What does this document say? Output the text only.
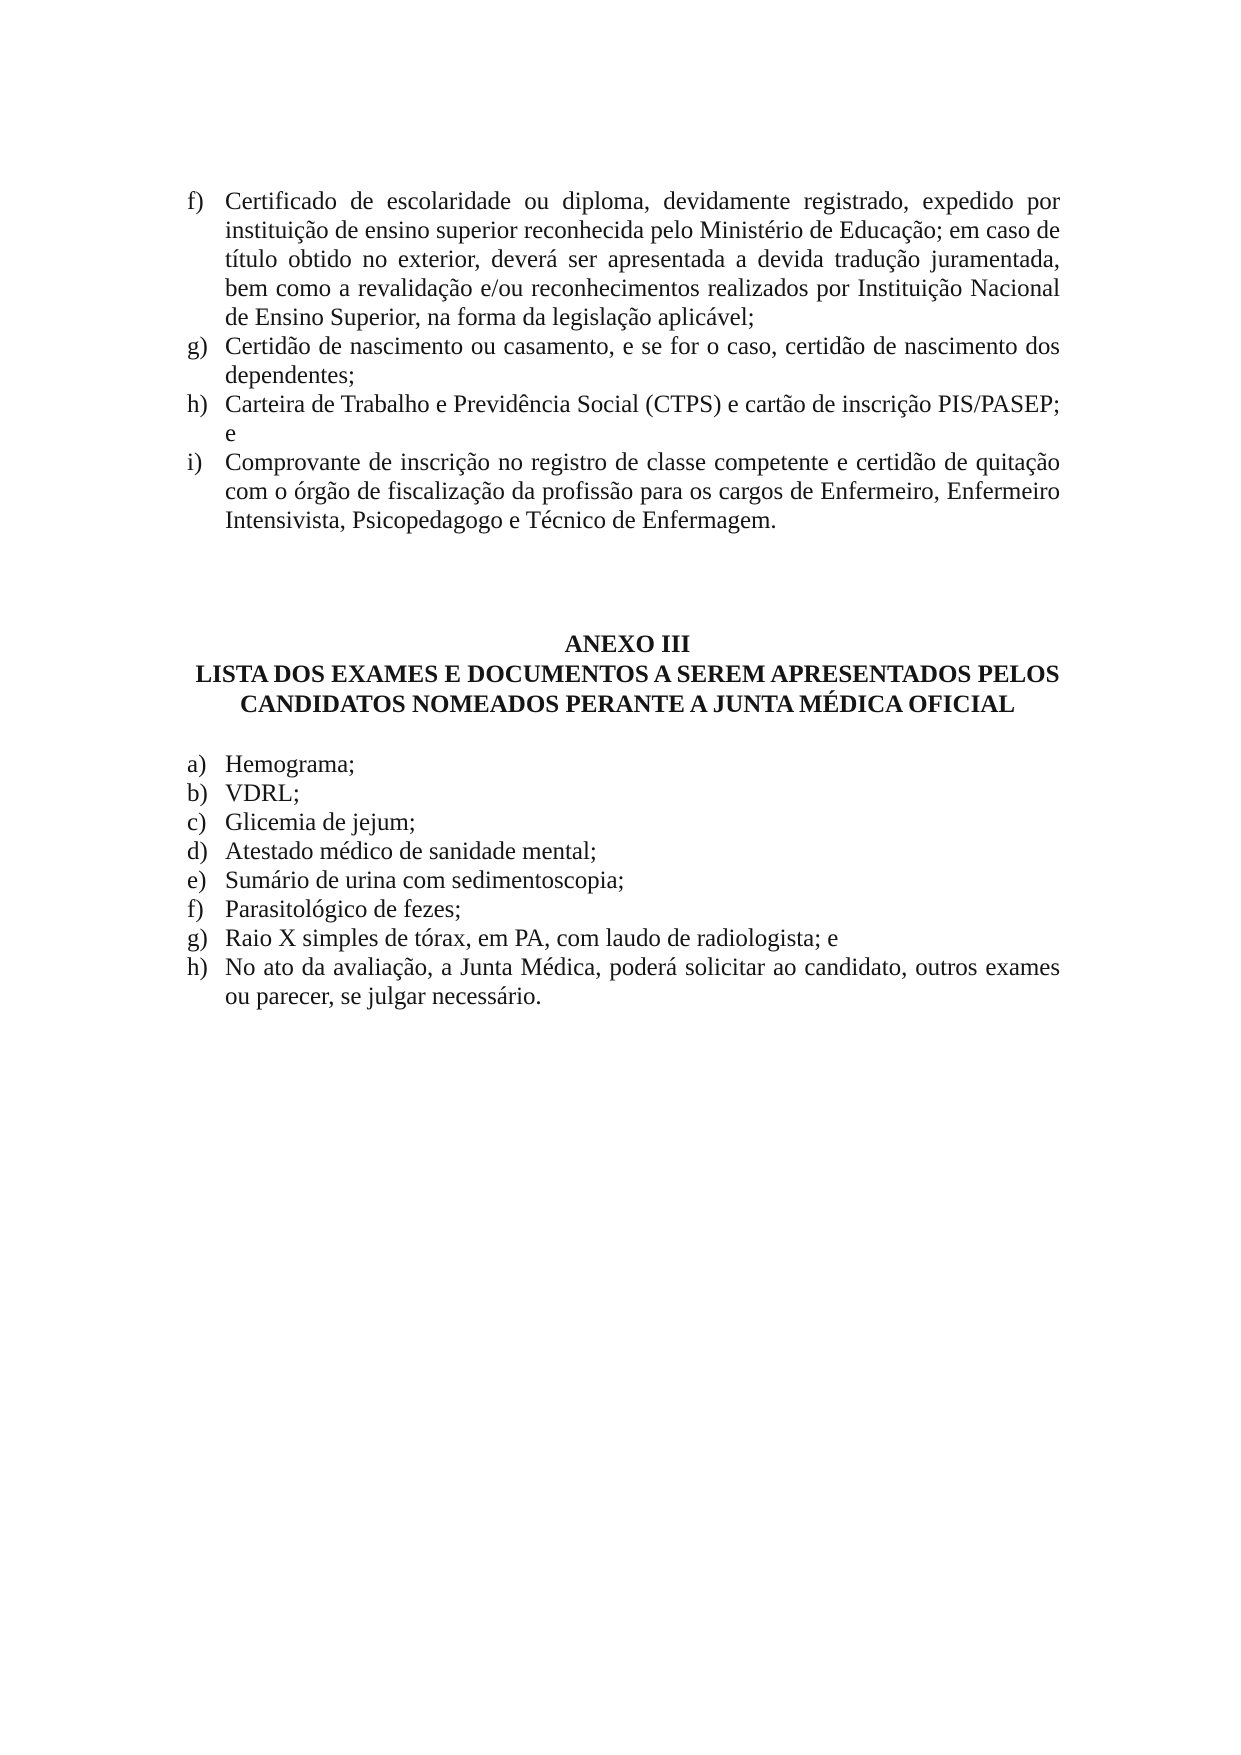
f) Certificado de escolaridade ou diploma, devidamente registrado, expedido por instituição de ensino superior reconhecida pelo Ministério de Educação; em caso de título obtido no exterior, deverá ser apresentada a devida tradução juramentada, bem como a revalidação e/ou reconhecimentos realizados por Instituição Nacional de Ensino Superior, na forma da legislação aplicável;
g) Certidão de nascimento ou casamento, e se for o caso, certidão de nascimento dos dependentes;
h) Carteira de Trabalho e Previdência Social (CTPS) e cartão de inscrição PIS/PASEP; e
i) Comprovante de inscrição no registro de classe competente e certidão de quitação com o órgão de fiscalização da profissão para os cargos de Enfermeiro, Enfermeiro Intensivista, Psicopedagogo e Técnico de Enfermagem.
ANEXO III
LISTA DOS EXAMES E DOCUMENTOS A SEREM APRESENTADOS PELOS
CANDIDATOS NOMEADOS PERANTE A JUNTA MÉDICA OFICIAL
a) Hemograma;
b) VDRL;
c) Glicemia de jejum;
d) Atestado médico de sanidade mental;
e) Sumário de urina com sedimentoscopia;
f) Parasitológico de fezes;
g) Raio X simples de tórax, em PA, com laudo de radiologista; e
h) No ato da avaliação, a Junta Médica, poderá solicitar ao candidato, outros exames ou parecer, se julgar necessário.
